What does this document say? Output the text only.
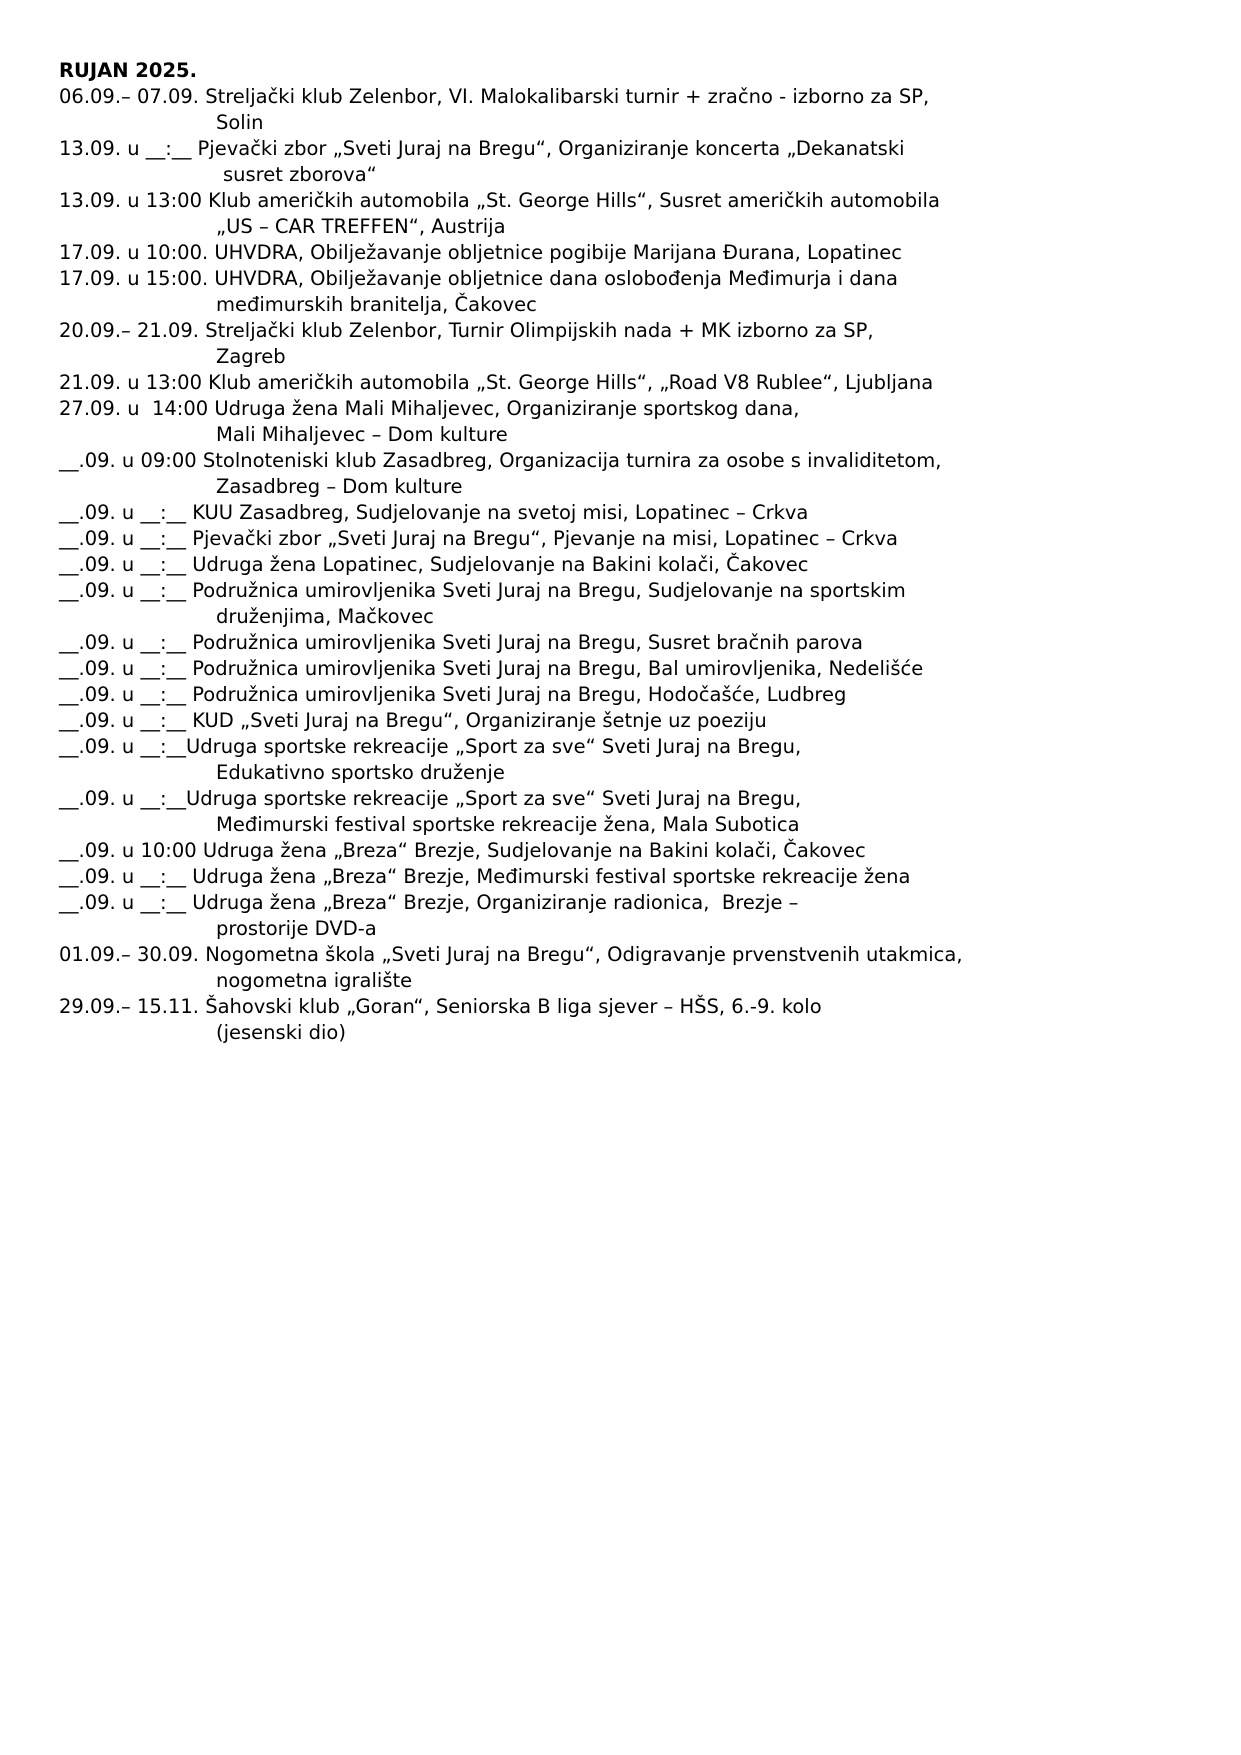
RUJAN 2025.
06.09.– 07.09. Streljački klub Zelenbor, VI. Malokalibarski turnir + zračno - izborno za SP,
Solin
13.09. u __:__ Pjevački zbor „Sveti Juraj na Bregu“, Organiziranje koncerta „Dekanatski
susret zborova“
13.09. u 13:00 Klub američkih automobila „St. George Hills“, Susret američkih automobila
„US – CAR TREFFEN“, Austrija
17.09. u 10:00. UHVDRA, Obilježavanje obljetnice pogibije Marijana Đurana, Lopatinec
17.09. u 15:00. UHVDRA, Obilježavanje obljetnice dana oslobođenja Međimurja i dana
međimurskih branitelja, Čakovec
20.09.– 21.09. Streljački klub Zelenbor, Turnir Olimpijskih nada + MK izborno za SP,
Zagreb
21.09. u 13:00 Klub američkih automobila „St. George Hills“, „Road V8 Rublee“, Ljubljana
27.09. u  14:00 Udruga žena Mali Mihaljevec, Organiziranje sportskog dana,
Mali Mihaljevec – Dom kulture
__.09. u 09:00 Stolnoteniski klub Zasadbreg, Organizacija turnira za osobe s invaliditetom,
Zasadbreg – Dom kulture
__.09. u __:__ KUU Zasadbreg, Sudjelovanje na svetoj misi, Lopatinec – Crkva
__.09. u __:__ Pjevački zbor „Sveti Juraj na Bregu“, Pjevanje na misi, Lopatinec – Crkva
__.09. u __:__ Udruga žena Lopatinec, Sudjelovanje na Bakini kolači, Čakovec
__.09. u __:__ Podružnica umirovljenika Sveti Juraj na Bregu, Sudjelovanje na sportskim
druženjima, Mačkovec
__.09. u __:__ Podružnica umirovljenika Sveti Juraj na Bregu, Susret bračnih parova
__.09. u __:__ Podružnica umirovljenika Sveti Juraj na Bregu, Bal umirovljenika, Nedelišće
__.09. u __:__ Podružnica umirovljenika Sveti Juraj na Bregu, Hodočašće, Ludbreg
__.09. u __:__ KUD „Sveti Juraj na Bregu“, Organiziranje šetnje uz poeziju
__.09. u __:__Udruga sportske rekreacije „Sport za sve“ Sveti Juraj na Bregu,
Edukativno sportsko druženje
__.09. u __:__Udruga sportske rekreacije „Sport za sve“ Sveti Juraj na Bregu,
Međimurski festival sportske rekreacije žena, Mala Subotica
__.09. u 10:00 Udruga žena „Breza“ Brezje, Sudjelovanje na Bakini kolači, Čakovec
__.09. u __:__ Udruga žena „Breza“ Brezje, Međimurski festival sportske rekreacije žena
__.09. u __:__ Udruga žena „Breza“ Brezje, Organiziranje radionica,  Brezje –
prostorije DVD-a
01.09.– 30.09. Nogometna škola „Sveti Juraj na Bregu“, Odigravanje prvenstvenih utakmica,
nogometna igralište
29.09.– 15.11. Šahovski klub „Goran“, Seniorska B liga sjever – HŠS, 6.-9. kolo
(jesenski dio)
